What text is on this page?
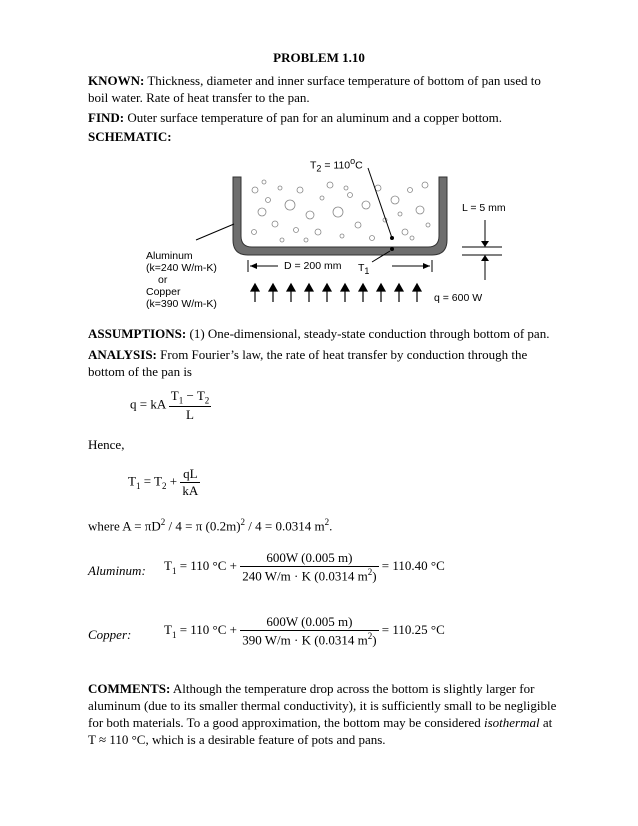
PROBLEM 1.10
KNOWN: Thickness, diameter and inner surface temperature of bottom of pan used to boil water. Rate of heat transfer to the pan.
FIND: Outer surface temperature of pan for an aluminum and a copper bottom.
SCHEMATIC:
$T_2 = 110^oC$
L = 5 mm
Aluminum
(k=240 W/m-K)
or
Copper
(k=390 W/m-K)
D = 200 mm $T_1$
q = 600 W
ASSUMPTIONS: (1) One-dimensional, steady-state conduction through bottom of pan.
ANALYSIS: From Fourier’s law, the rate of heat transfer by conduction through the bottom of the pan is
q = kA $\frac{T_1 - T_2}{L}$
Hence,
$T_1 = T_2 + \frac{qL}{kA}$
where $A = \pi D^2 / 4 = \pi$ $(0.2m)^2 / 4 = 0.0314$ $m^2$.
Aluminum: $T_1 = 110$ $^\circ C + \frac{600W (0.005 m)}{240 W/m \cdot K (0.0314 m^2)} = 110.40$ °C
Copper:	$T_1 = 110$ $^\circ C + \frac{600W (0.005 m)}{390 W/m \cdot K (0.0314 m^2)} = 110.25$ °C
COMMENTS: Although the temperature drop across the bottom is slightly larger for aluminum (due to its smaller thermal conductivity), it is sufficiently small to be negligible for both materials. To a good approximation, the bottom may be considered isothermal at T ≈ 110 °C, which is a desirable feature of pots and pans.
